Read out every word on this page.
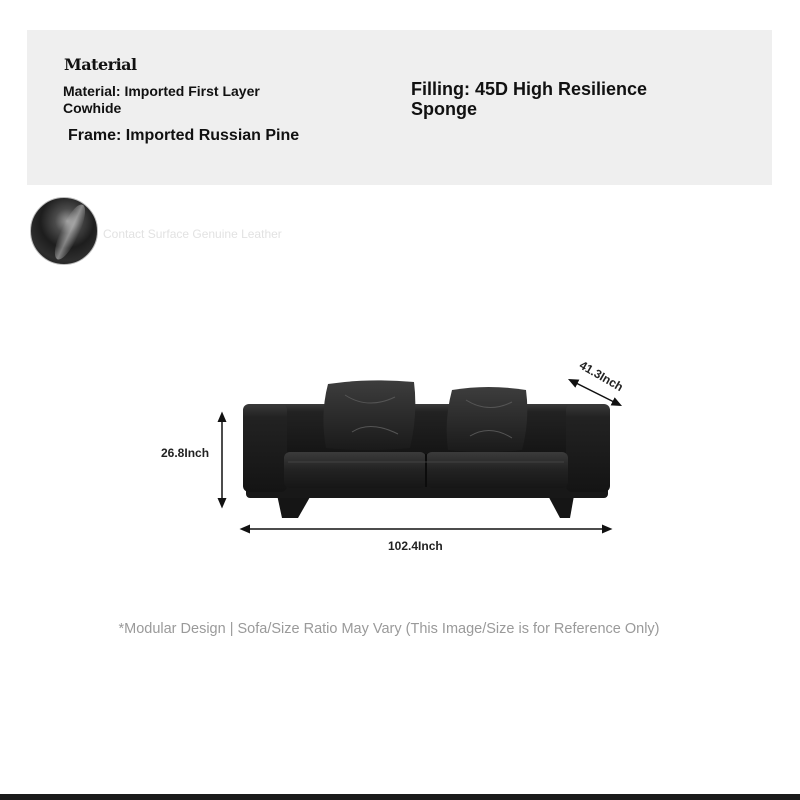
Material
Material: Imported First Layer Cowhide
Frame: Imported Russian Pine
Filling: 45D High Resilience Sponge
Contact Surface Genuine Leather
26.8Inch
102.4Inch
41.3Inch
*Modular Design | Sofa/Size Ratio May Vary (This Image/Size is for Reference Only)
